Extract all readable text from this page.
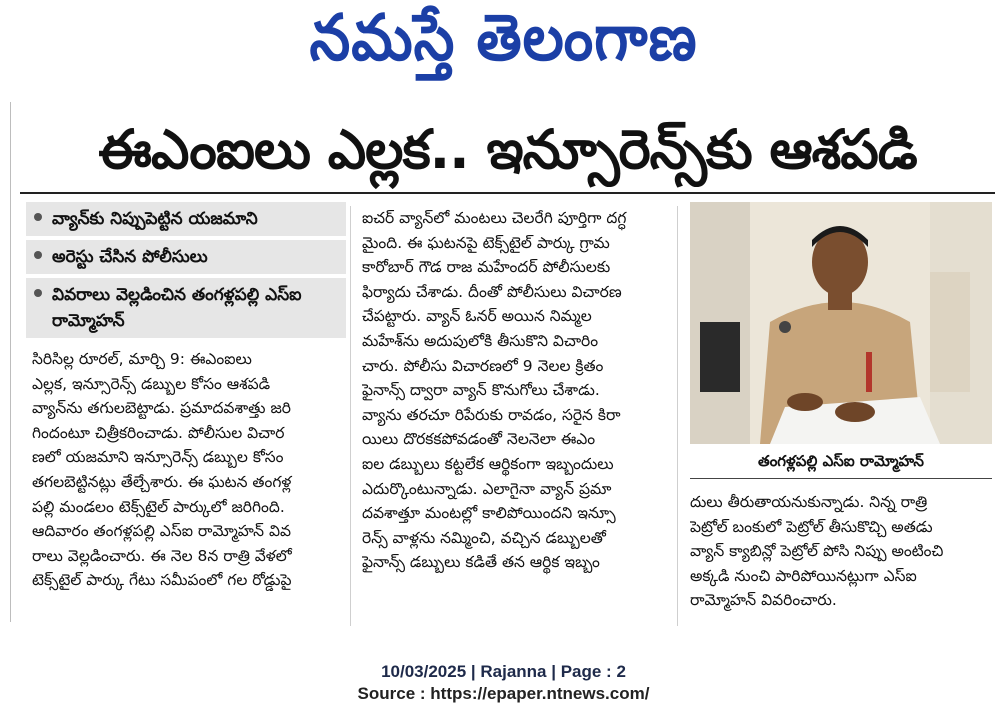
నమస్తే తెలంగాణ
ఈఎంఐలు ఎల్లక.. ఇన్సూరెన్స్‌కు ఆశపడి
వ్యాన్‌కు నిప్పుపెట్టిన యజమాని
అరెస్టు చేసిన పోలీసులు
వివరాలు వెల్లడించిన తంగళ్లపల్లి ఎస్‌ఐ రామ్మోహన్

సిరిసిల్ల రూరల్‌, మార్చి 9: ఈఎంఐలు

ఎల్లక, ఇన్సూరెన్స్‌ డబ్బుల కోసం ఆశపడి

వ్యాన్‌ను తగులబెట్టాడు. ప్రమాదవశాత్తు జరి

గిందంటూ చిత్రీకరించాడు. పోలీసుల విచార

ణలో యజమాని ఇన్సూరెన్స్‌ డబ్బుల కోసం

తగలబెట్టినట్లు తేల్చేశారు. ఈ ఘటన తంగళ్ల

పల్లి మండలం టెక్స్‌టైల్‌ పార్కులో జరిగింది.

ఆదివారం తంగళ్లపల్లి ఎస్‌ఐ రామ్మోహన్‌ వివ

రాలు వెల్లడించారు. ఈ నెల 8న రాత్రి వేళలో

టెక్స్‌టైల్‌ పార్కు గేటు సమీపంలో గల రోడ్డుపై

ఐచర్‌ వ్యాన్‌లో మంటలు చెలరేగి పూర్తిగా దగ్ధ

మైంది. ఈ ఘటనపై టెక్స్‌టైల్‌ పార్కు గ్రామ

కారోబార్‌ గౌడ రాజ మహేందర్‌ పోలీసులకు

ఫిర్యాదు చేశాడు. దీంతో పోలీసులు విచారణ

చేపట్టారు. వ్యాన్‌ ఓనర్‌ అయిన నిమ్మల

మహేశ్‌ను అదుపులోకి తీసుకొని విచారిం

చారు. పోలీసు విచారణలో 9 నెలల క్రితం

ఫైనాన్స్‌ ద్వారా వ్యాన్‌ కొనుగోలు చేశాడు.

వ్యాను తరచూ రిపేరుకు రావడం, సరైన కిరా

యిలు దొరకకపోవడంతో నెలనెలా ఈఎం

ఐల డబ్బులు కట్టలేక ఆర్థికంగా ఇబ్బందులు

ఎదుర్కొంటున్నాడు. ఎలాగైనా వ్యాన్‌ ప్రమా

దవశాత్తూ మంటల్లో కాలిపోయిందని ఇన్సూ

రెన్స్‌ వాళ్లను నమ్మించి, వచ్చిన డబ్బులతో

ఫైనాన్స్‌ డబ్బులు కడితే తన ఆర్థిక ఇబ్బం

తంగళ్లపల్లి ఎస్‌ఐ రామ్మోహన్‌

దులు తీరుతాయనుకున్నాడు. నిన్న రాత్రి

పెట్రోల్‌ బంకులో పెట్రోల్‌ తీసుకొచ్చి అతడు

వ్యాన్‌ క్యాబిన్లో పెట్రోల్‌ పోసి నిప్పు అంటించి

అక్కడి నుంచి పారిపోయినట్లుగా ఎస్‌ఐ

రామ్మోహన్‌ వివరించారు.

10/03/2025 | Rajanna | Page : 2
Source : https://epaper.ntnews.com/
